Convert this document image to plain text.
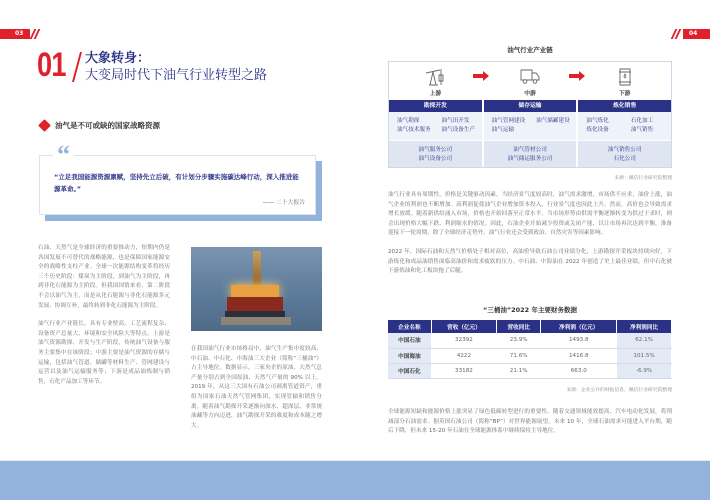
03	04
01 大象转身：
大变局时代下油气行业转型之路
油气是不可或缺的国家战略资源
“立足我国能源资源禀赋，坚持先立后破，有计划分步骤实施碳达峰行动，深入推进能源革命。”
—— 二十大报告
“

石油、天然气是全球经济的重要推动力，短期内仍是各国发展不可替代的战略能源，也是保障国家能源安全的战略性支柱产业。全球一次能源结构变革将经历三个历史阶段：煤炭为主阶段，到油气为主阶段，再到非化石能源为主阶段。但我国国情来看，第二阶段不会以油气为主，而是从化石能源与非化石能源多元发展、协调互补，最终转到非化石能源为主阶段。

油气行业产业链长，具有专业壁高、工艺流程复杂、设备资产总量大、环境和安全风险大等特点。上游是油气资源勘探、开发与生产阶段，传统油气设备与服务主要集中在该阶段；中游主要是油气资源的存储与运输，包括油气管道、储罐等材料生产、管网建设与运营以及油气运输服务等；下游是成品油炼制与销售，石化产品加工等环节。

在我国油气行业市场格局中，油气生产集中度较高，中石油、中石化、中海油三大企业（简称“三桶油”）占主导地位。数据显示，三家央企的原油、天然气总产量分别占到全国原油、天然气产量的 90% 以上。2019 年，从这三大国有石油公司剥离管道资产，重组为国家石油天然气管网集团，实现管输和销售分离。随着油气勘探开采逐渐向深水、超深层、非常规油藏等方向迈进，油气勘探开采的难度和成本随之增大。

油气行业产业链
上游
勘探开发
油气勘探	油气田开发油气技术服务 油气设备生产
油气服务公司
油气设备公司
中游
储存运输
油气管网建设 油气储罐建设油气运输
油气管材公司
油气储运服务公司
下游
炼化销售
油气炼化	石化加工炼化设备	油气销售
油气销售公司
石化公司
来源：佩信行业研究院整理

油气行业具有周期性，价格是关键驱动因素。当经济景气度较高时，油气需求激增，市场供不应求，油价上涨，油气企业的利润也不断增加。高利润促使油气企业增加资本投入，行业景气度也因此上升。然而，高价也会导致需求增长放缓。随着新供给涌入市场，价格也开始回落至正常水平。当市场形势由供需平衡逐渐转变为供过于求时，则会出现价格大幅下跌、利润缩水的情况。因此，石油企业开始减少投资或关闭产能，以让市场再次达到平衡，准备迎接下一轮周期。除了全球经济走势外，油气行业还会受到政治、自然灾害等因素影响。

2022 年，国际石油和天然气价格处于相对高位，高油价导致石油公司业绩分化，上游勘探开采板块持续向好，下游炼化和成品油销售面临高油价和需求疲软的压力。中石油、中海油在 2022 年创造了史上最佳业绩，但中石化被下游炼油和化工板块拖了后腿。

“三桶油”2022 年主要财务数据
企业名称	营收（亿元）	营收同比	净利润（亿元）	净利润同比
中国石油	32392	23.9%	1493.8	62.1%
中国海油	4222	71.6%	1416.8	101.5%
中国石化	33182	21.1%	663.0	-6.9%
来源：企业公开的财报信息，佩信行业研究院整理

全球能源短缺和能源价格上涨突显了绿色低碳转型进行的重要性。随着交通领域能效提高、汽车电动化发展，将削减部分石油需求。据英国石油公司（简称“BP”）对世界能源展望，未来 10 年，全球石油需求可能进入平台期，随后下降，但未来 15-20 年石油在全球能源体系中继续保持主导地位。
